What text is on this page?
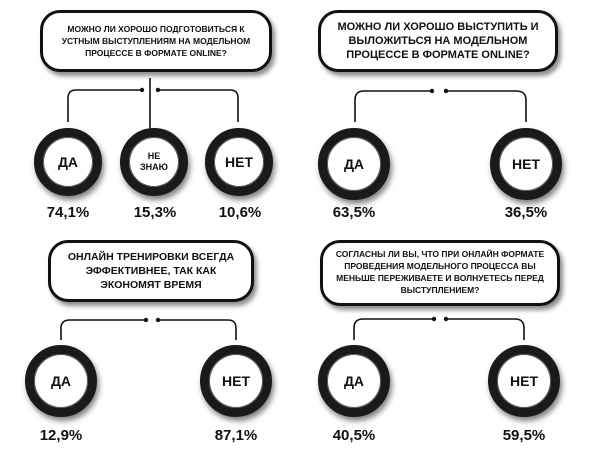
МОЖНО ЛИ ХОРОШО ПОДГОТОВИТЬСЯ К УСТНЫМ ВЫСТУПЛЕНИЯМ НА МОДЕЛЬНОМ ПРОЦЕССЕ В ФОРМАТЕ ONLINE?
ДА	НЕ ЗНАЮ	НЕТ
74,1%	15,3%	10,6%
МОЖНО ЛИ ХОРОШО ВЫСТУПИТЬ И ВЫЛОЖИТЬСЯ НА МОДЕЛЬНОМ ПРОЦЕССЕ В ФОРМАТЕ ONLINE?
ДА	НЕТ
63,5%	36,5%
ОНЛАЙН ТРЕНИРОВКИ ВСЕГДА ЭФФЕКТИВНЕЕ, ТАК КАК ЭКОНОМЯТ ВРЕМЯ
ДА	НЕТ
12,9%	87,1%
СОГЛАСНЫ ЛИ ВЫ, ЧТО ПРИ ОНЛАЙН ФОРМАТЕ ПРОВЕДЕНИЯ МОДЕЛЬНОГО ПРОЦЕССА ВЫ МЕНЬШЕ ПЕРЕЖИВАЕТЕ И ВОЛНУЕТЕСЬ ПЕРЕД ВЫСТУПЛЕНИЕМ?
ДА	НЕТ
40,5%	59,5%
